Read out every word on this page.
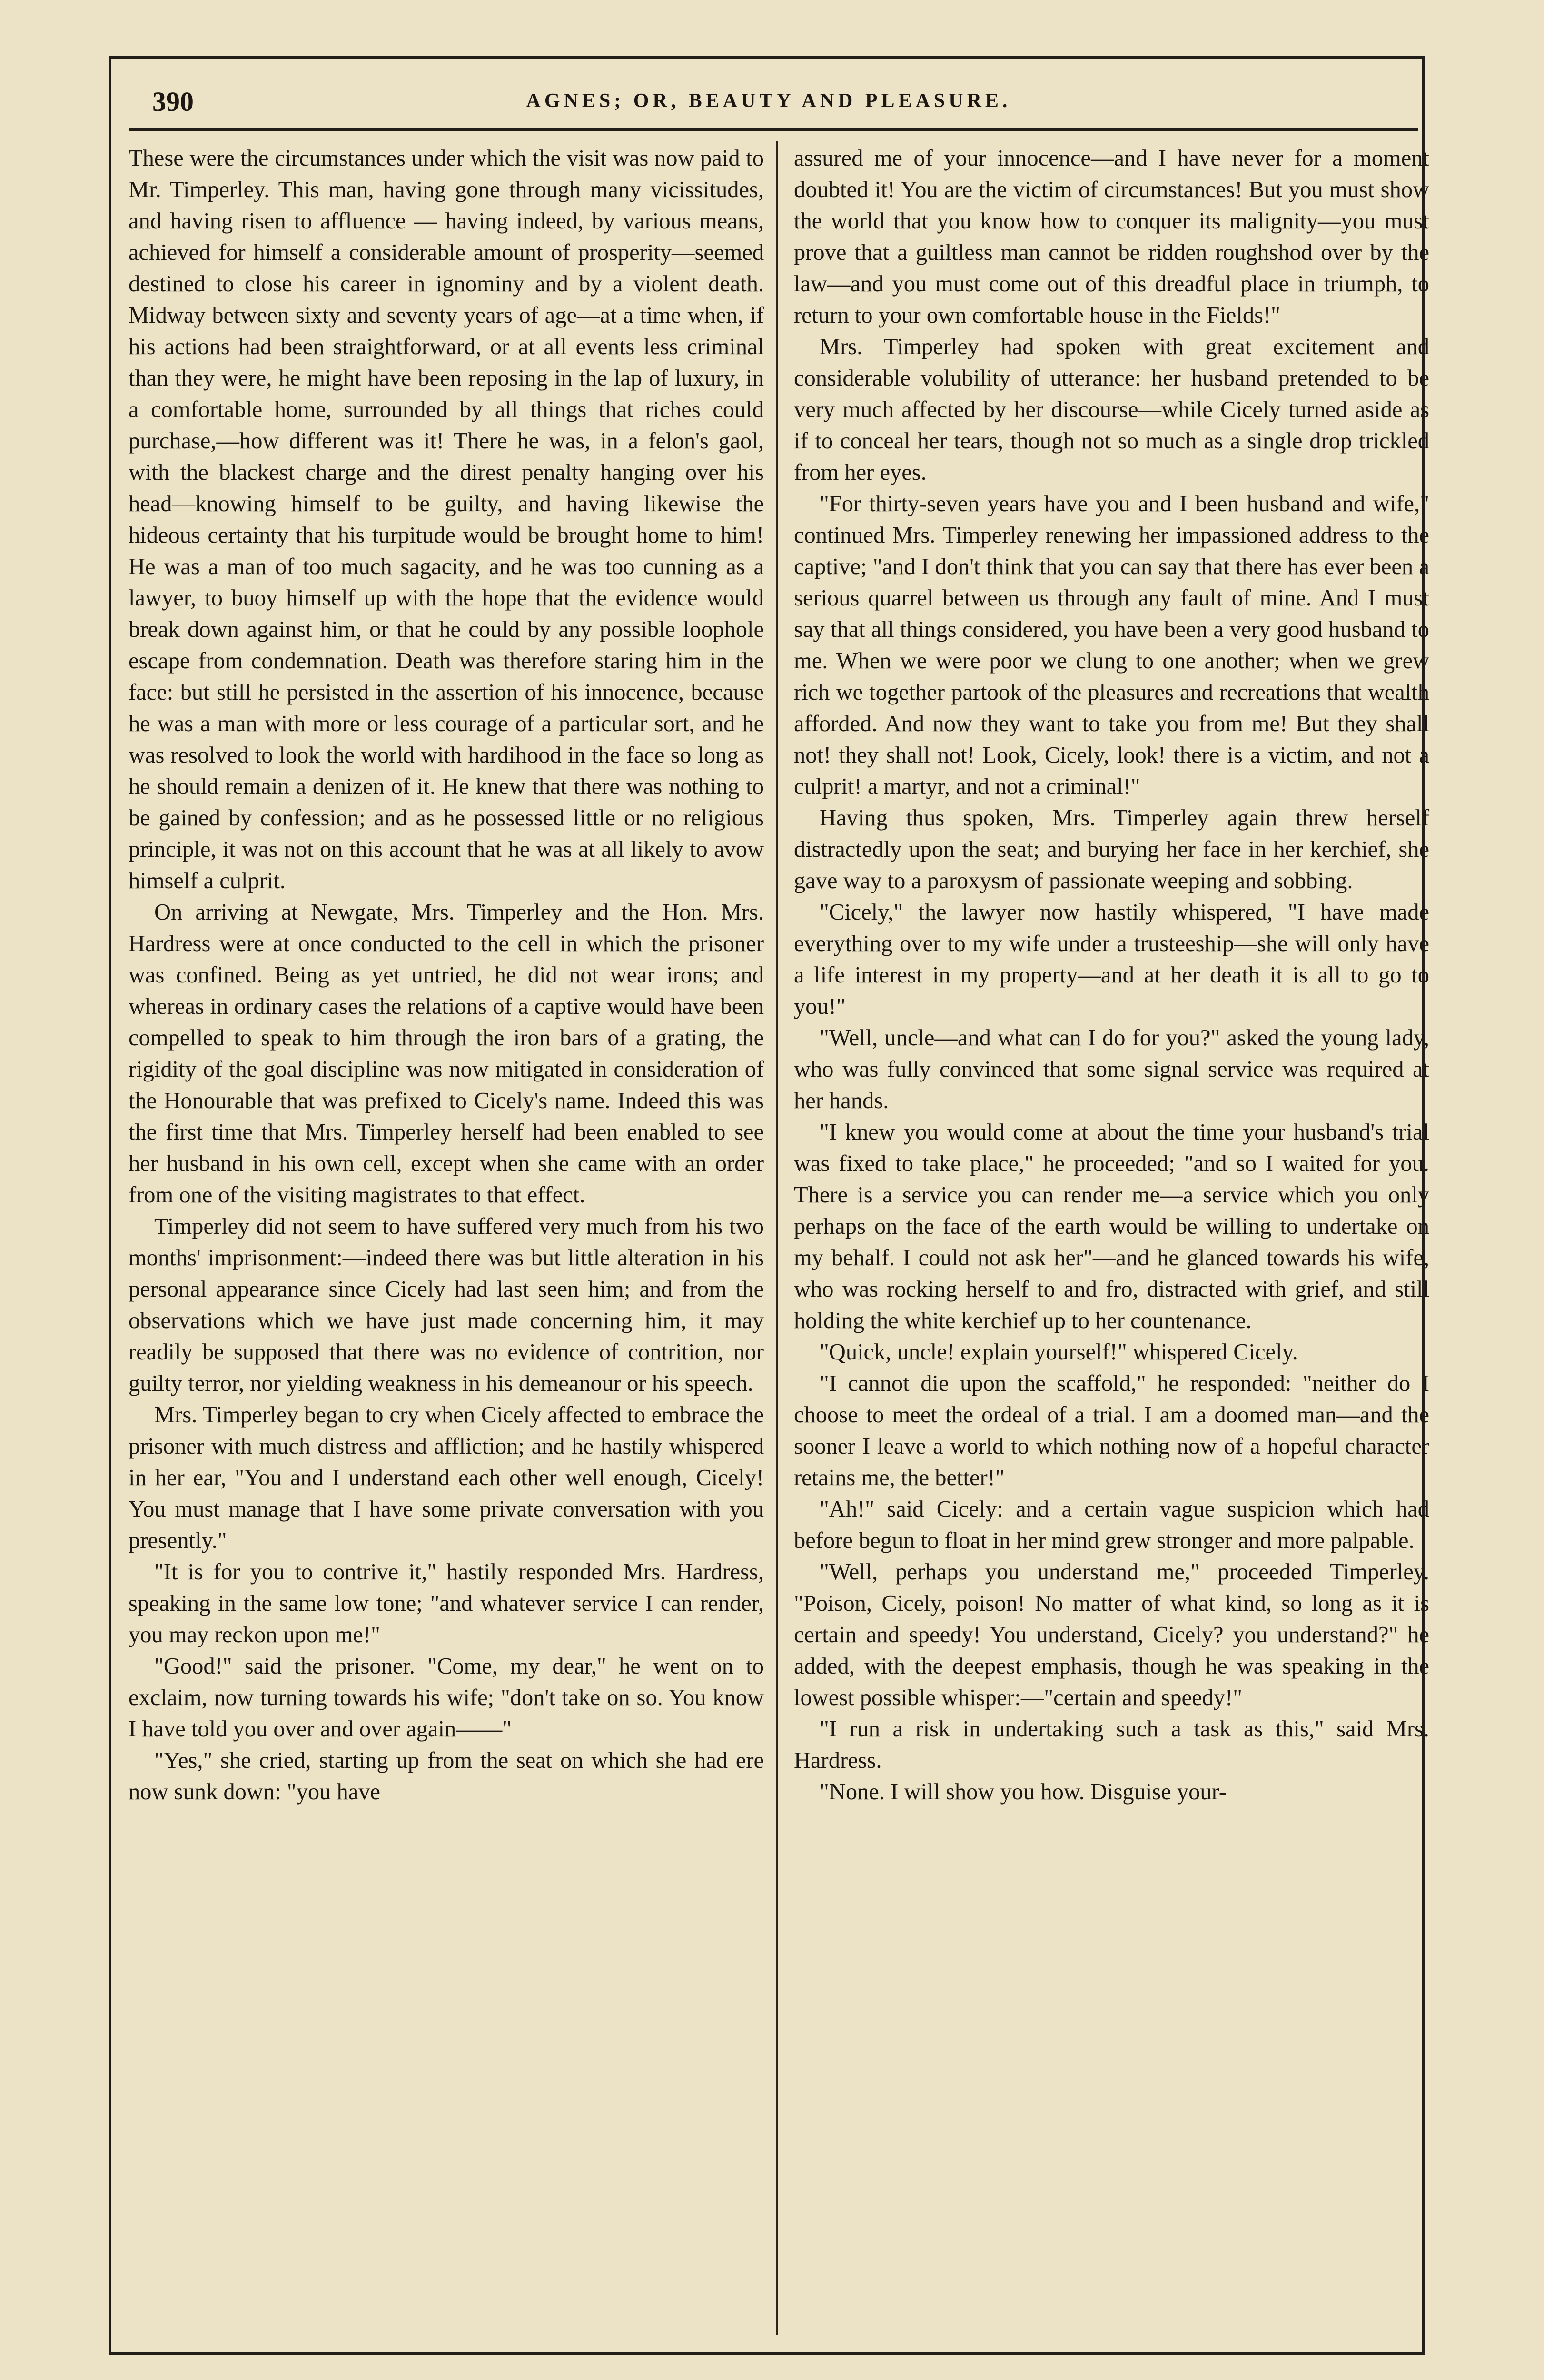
390	AGNES; OR, BEAUTY AND PLEASURE.

These were the circumstances under which the visit was now paid to Mr. Timperley. This man, having gone through many vicissitudes, and having risen to affluence — having indeed, by various means, achieved for himself a considerable amount of prosperity—seemed destined to close his career in ignominy and by a violent death. Midway between sixty and seventy years of age—at a time when, if his actions had been straightforward, or at all events less criminal than they were, he might have been reposing in the lap of luxury, in a comfortable home, surrounded by all things that riches could purchase,—how different was it! There he was, in a felon's gaol, with the blackest charge and the direst penalty hanging over his head—knowing himself to be guilty, and having likewise the hideous certainty that his turpitude would be brought home to him! He was a man of too much sagacity, and he was too cunning as a lawyer, to buoy himself up with the hope that the evidence would break down against him, or that he could by any possible loophole escape from condemnation. Death was therefore staring him in the face: but still he persisted in the assertion of his innocence, because he was a man with more or less courage of a particular sort, and he was resolved to look the world with hardihood in the face so long as he should remain a denizen of it. He knew that there was nothing to be gained by confession; and as he possessed little or no religious principle, it was not on this account that he was at all likely to avow himself a culprit.

On arriving at Newgate, Mrs. Timperley and the Hon. Mrs. Hardress were at once conducted to the cell in which the prisoner was confined. Being as yet untried, he did not wear irons; and whereas in ordinary cases the relations of a captive would have been compelled to speak to him through the iron bars of a grating, the rigidity of the goal discipline was now mitigated in consideration of the Honourable that was prefixed to Cicely's name. Indeed this was the first time that Mrs. Timperley herself had been enabled to see her husband in his own cell, except when she came with an order from one of the visiting magistrates to that effect.

Timperley did not seem to have suffered very much from his two months' imprisonment:—indeed there was but little alteration in his personal appearance since Cicely had last seen him; and from the observations which we have just made concerning him, it may readily be supposed that there was no evidence of contrition, nor guilty terror, nor yielding weakness in his demeanour or his speech.

Mrs. Timperley began to cry when Cicely affected to embrace the prisoner with much distress and affliction; and he hastily whispered in her ear, "You and I understand each other well enough, Cicely! You must manage that I have some private conversation with you presently."

"It is for you to contrive it," hastily responded Mrs. Hardress, speaking in the same low tone; "and whatever service I can render, you may reckon upon me!"

"Good!" said the prisoner. "Come, my dear," he went on to exclaim, now turning towards his wife; "don't take on so. You know I have told you over and over again——"

"Yes," she cried, starting up from the seat on which she had ere now sunk down: "you have

assured me of your innocence—and I have never for a moment doubted it! You are the victim of circumstances! But you must show the world that you know how to conquer its malignity—you must prove that a guiltless man cannot be ridden roughshod over by the law—and you must come out of this dreadful place in triumph, to return to your own comfortable house in the Fields!"

Mrs. Timperley had spoken with great excitement and considerable volubility of utterance: her husband pretended to be very much affected by her discourse—while Cicely turned aside as if to conceal her tears, though not so much as a single drop trickled from her eyes.

"For thirty-seven years have you and I been husband and wife," continued Mrs. Timperley renewing her impassioned address to the captive; "and I don't think that you can say that there has ever been a serious quarrel between us through any fault of mine. And I must say that all things considered, you have been a very good husband to me. When we were poor we clung to one another; when we grew rich we together partook of the pleasures and recreations that wealth afforded. And now they want to take you from me! But they shall not! they shall not! Look, Cicely, look! there is a victim, and not a culprit! a martyr, and not a criminal!"

Having thus spoken, Mrs. Timperley again threw herself distractedly upon the seat; and burying her face in her kerchief, she gave way to a paroxysm of passionate weeping and sobbing.

"Cicely," the lawyer now hastily whispered, "I have made everything over to my wife under a trusteeship—she will only have a life interest in my property—and at her death it is all to go to you!"

"Well, uncle—and what can I do for you?" asked the young lady, who was fully convinced that some signal service was required at her hands.

"I knew you would come at about the time your husband's trial was fixed to take place," he proceeded; "and so I waited for you. There is a service you can render me—a service which you only perhaps on the face of the earth would be willing to undertake on my behalf. I could not ask her"—and he glanced towards his wife, who was rocking herself to and fro, distracted with grief, and still holding the white kerchief up to her countenance.

"Quick, uncle! explain yourself!" whispered Cicely.

"I cannot die upon the scaffold," he responded: "neither do I choose to meet the ordeal of a trial. I am a doomed man—and the sooner I leave a world to which nothing now of a hopeful character retains me, the better!"

"Ah!" said Cicely: and a certain vague suspicion which had before begun to float in her mind grew stronger and more palpable.

"Well, perhaps you understand me," proceeded Timperley. "Poison, Cicely, poison! No matter of what kind, so long as it is certain and speedy! You understand, Cicely? you understand?" he added, with the deepest emphasis, though he was speaking in the lowest possible whisper:—"certain and speedy!"

"I run a risk in undertaking such a task as this," said Mrs. Hardress.

"None. I will show you how. Disguise your-
